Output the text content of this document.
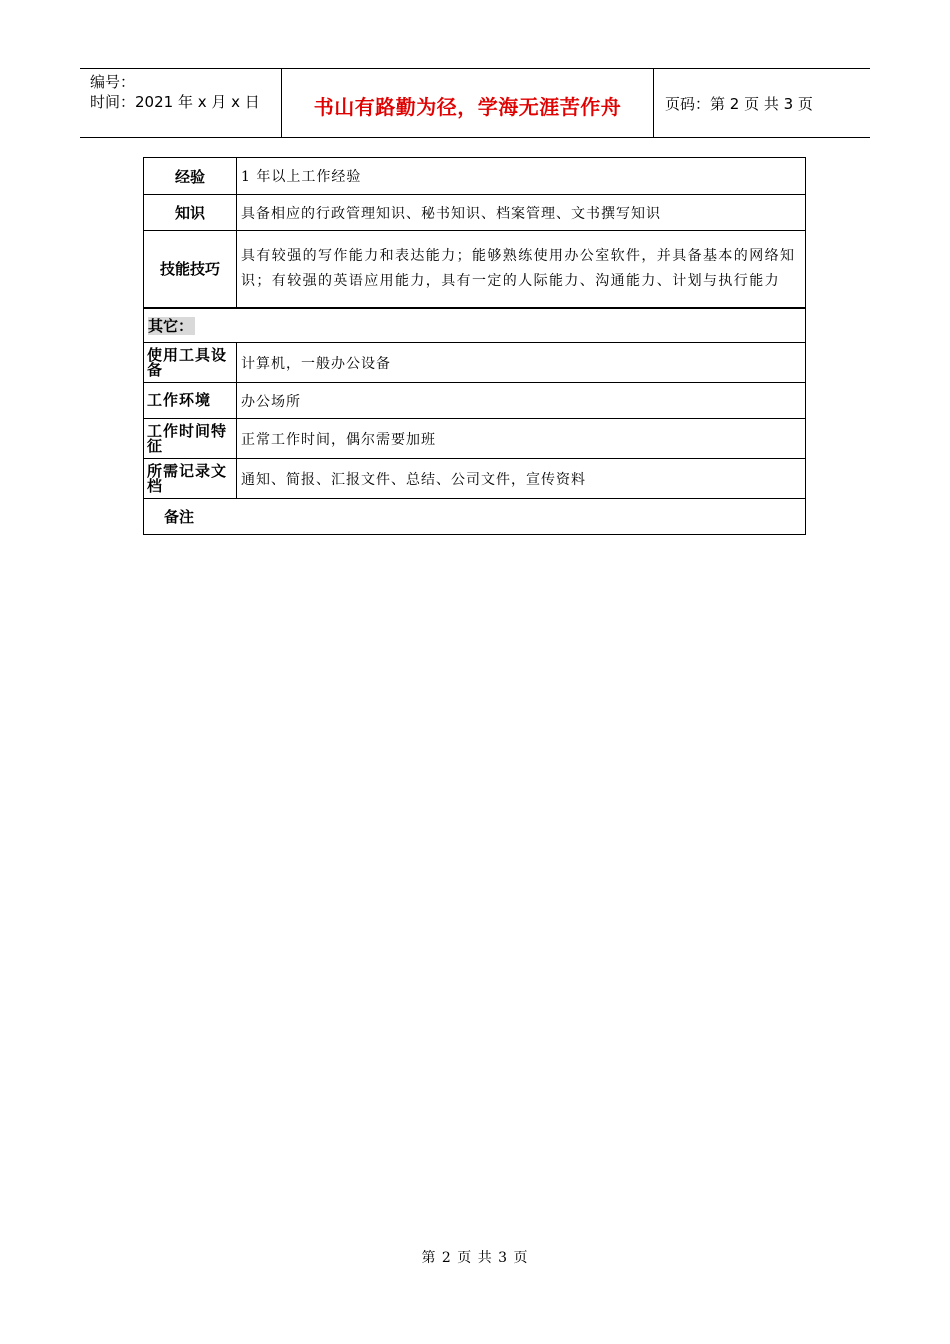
编号：
时间：2021 年 x 月 x 日	书山有路勤为径，学海无涯苦作舟	页码：第 2 页 共 3 页
经验	1 年以上工作经验
知识	具备相应的行政管理知识、秘书知识、档案管理、文书撰写知识
技能技巧	具有较强的写作能力和表达能力；能够熟练使用办公室软件，并具备基本的网络知识；有较强的英语应用能力，具有一定的人际能力、沟通能力、计划与执行能力
其它：	
使用工具设备	计算机，一般办公设备
工作环境	办公场所
工作时间特征	正常工作时间，偶尔需要加班
所需记录文档	通知、简报、汇报文件、总结、公司文件，宣传资料
备注	
第 2 页 共 3 页
